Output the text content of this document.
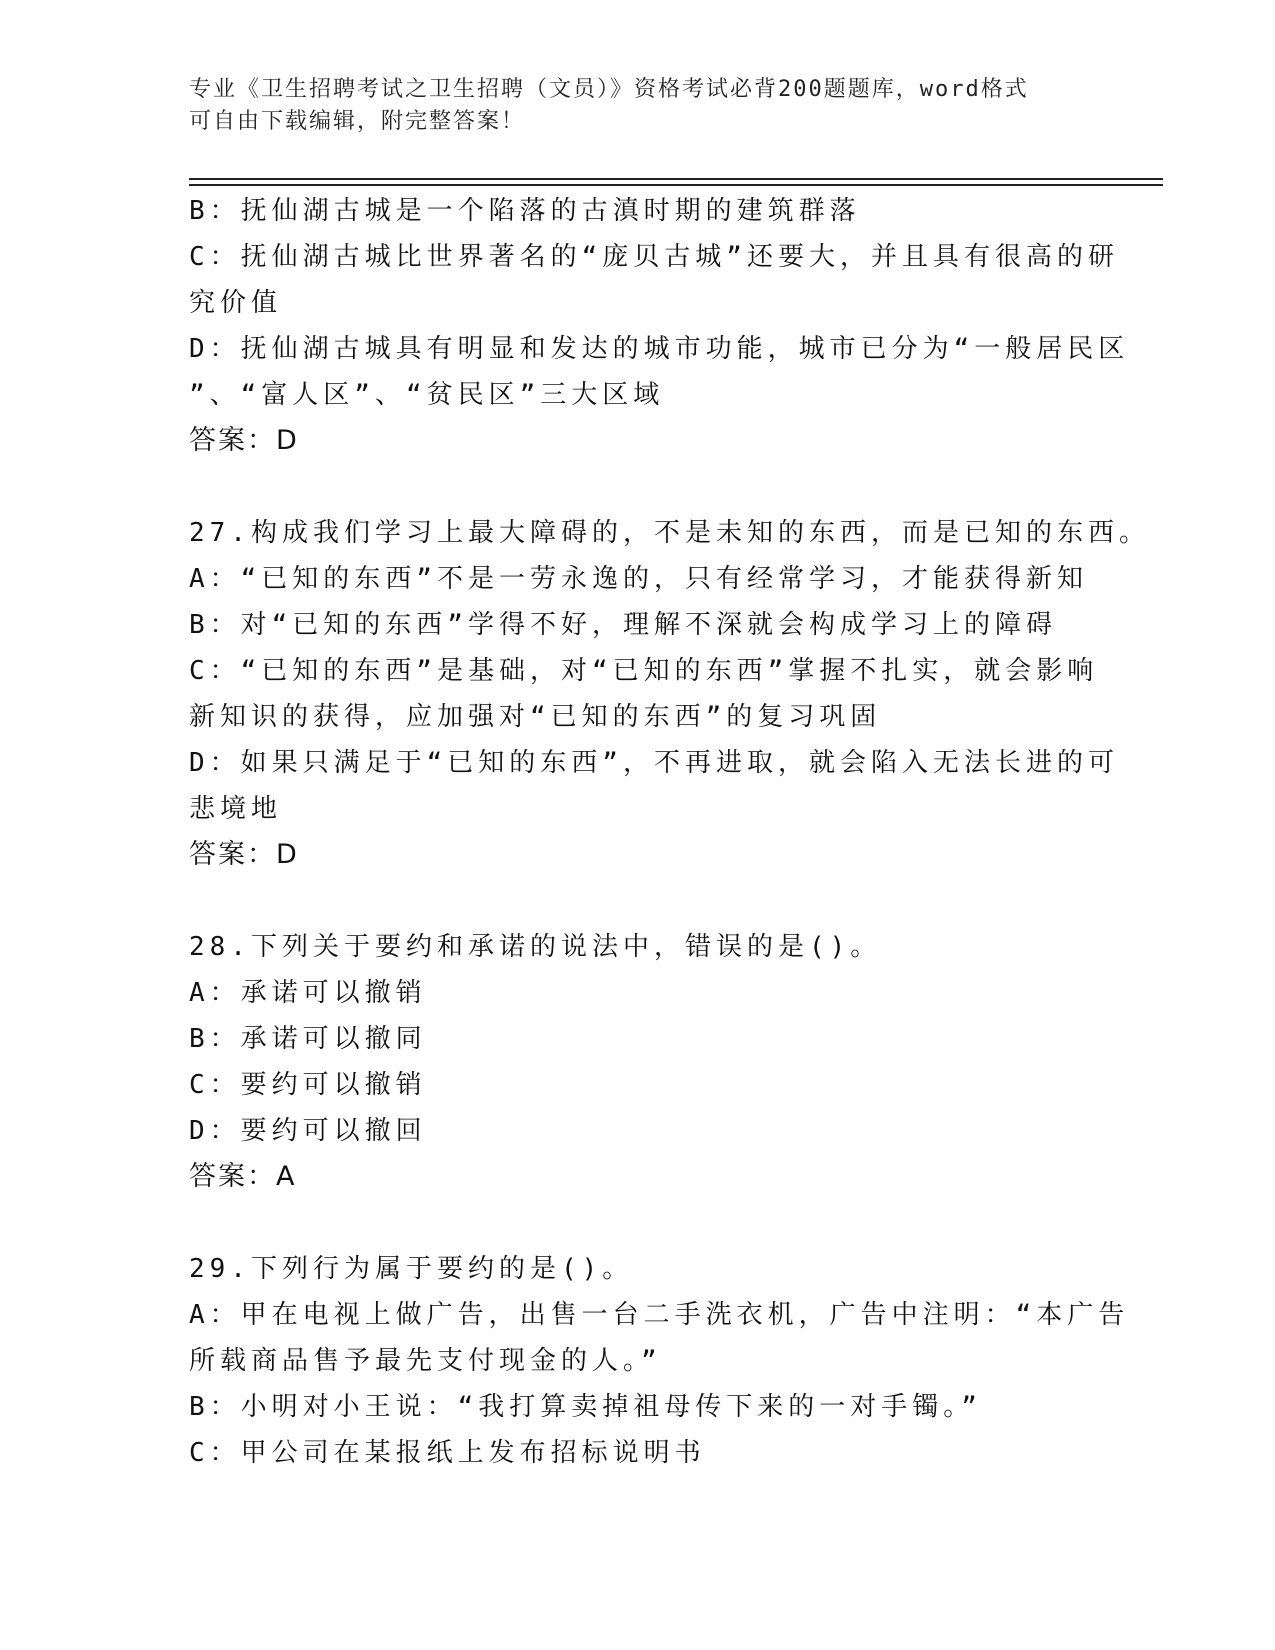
专业《卫生招聘考试之卫生招聘（文员）》资格考试必背200题题库，word格式
可自由下载编辑，附完整答案！
B：抚仙湖古城是一个陷落的古滇时期的建筑群落
C：抚仙湖古城比世界著名的“庞贝古城”还要大，并且具有很高的研
究价值
D：抚仙湖古城具有明显和发达的城市功能，城市已分为“一般居民区
”、“富人区”、“贫民区”三大区域
答案：D
27.构成我们学习上最大障碍的，不是未知的东西，而是已知的东西。
A：“已知的东西”不是一劳永逸的，只有经常学习，才能获得新知
B：对“已知的东西”学得不好，理解不深就会构成学习上的障碍
C：“已知的东西”是基础，对“已知的东西”掌握不扎实，就会影响
新知识的获得，应加强对“已知的东西”的复习巩固
D：如果只满足于“已知的东西”，不再进取，就会陷入无法长进的可
悲境地
答案：D
28.下列关于要约和承诺的说法中，错误的是()。
A：承诺可以撤销
B：承诺可以撤同
C：要约可以撤销
D：要约可以撤回
答案：A
29.下列行为属于要约的是()。
A：甲在电视上做广告，出售一台二手洗衣机，广告中注明：“本广告
所载商品售予最先支付现金的人。”
B：小明对小王说：“我打算卖掉祖母传下来的一对手镯。”
C：甲公司在某报纸上发布招标说明书
